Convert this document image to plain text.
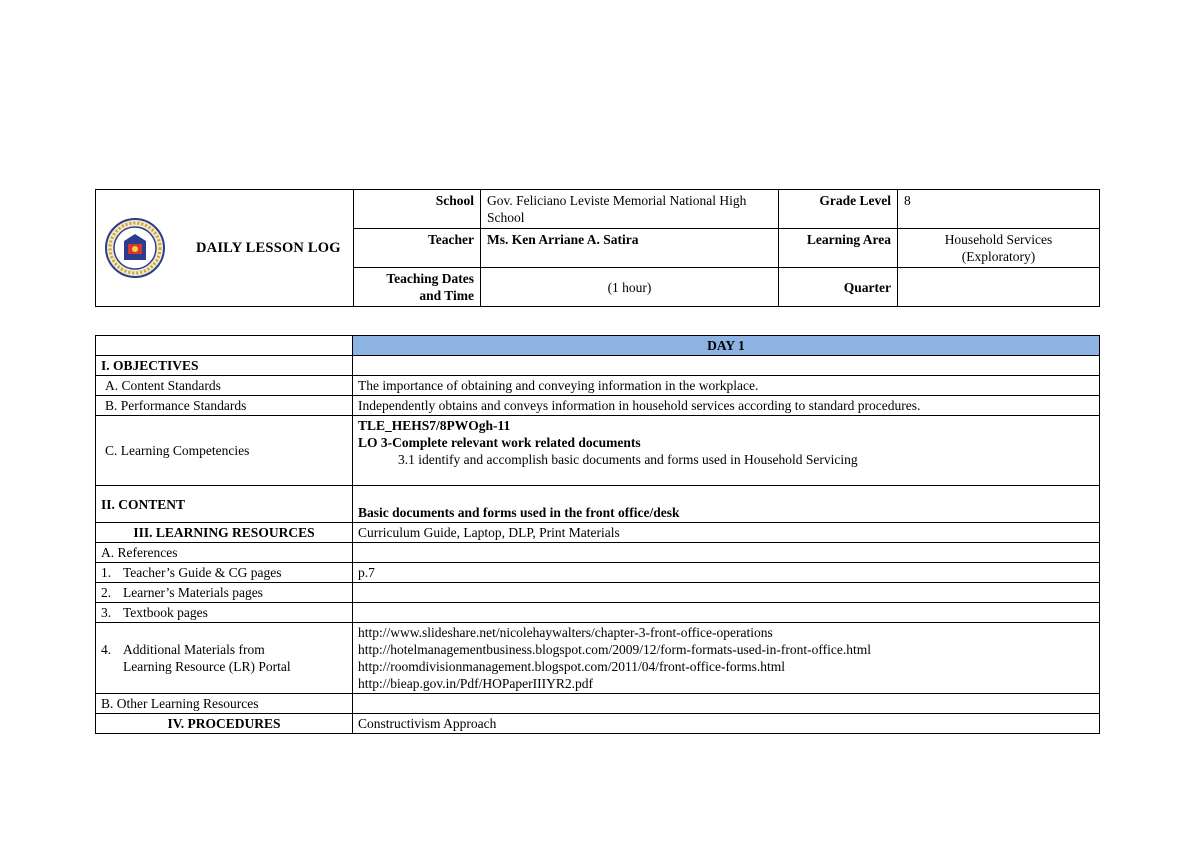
DAILY LESSON LOG	School	Gov. Feliciano Leviste Memorial National High School	Grade Level	8
	Teacher	Ms. Ken Arriane A. Satira	Learning Area	Household Services
(Exploratory)
	Teaching Dates
and Time	(1 hour)	Quarter	
	DAY 1
I. OBJECTIVES	
A. Content Standards	The importance of obtaining and conveying information in the workplace.
B. Performance Standards	Independently obtains and conveys information in household services according to standard procedures.
C. Learning Competencies	TLE_HEHS7/8PWOgh-11
LO 3-Complete relevant work related documents
3.1 identify and accomplish basic documents and forms used in Household Servicing

II. CONTENT	Basic documents and forms used in the front office/desk
III. LEARNING RESOURCES	Curriculum Guide, Laptop, DLP, Print Materials
A. References	
1. Teacher’s Guide & CG pages	p.7
2. Learner’s Materials pages	
3. Textbook pages	
4. Additional Materials from
Learning Resource (LR) Portal	http://www.slideshare.net/nicolehaywalters/chapter-3-front-office-operations
http://hotelmanagementbusiness.blogspot.com/2009/12/form-formats-used-in-front-office.html
http://roomdivisionmanagement.blogspot.com/2011/04/front-office-forms.html
http://bieap.gov.in/Pdf/HOPaperIIIYR2.pdf

B. Other Learning Resources	
IV. PROCEDURES	Constructivism Approach
